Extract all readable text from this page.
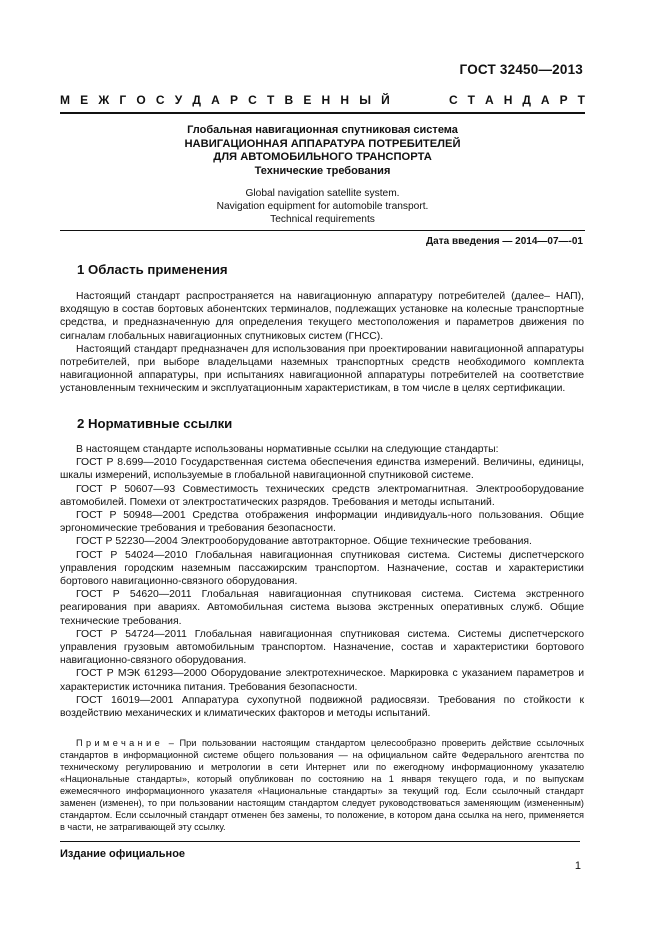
ГОСТ 32450—2013
М Е Ж Г О С У Д А Р С Т В Е Н Н Ы Й	С Т А Н Д А Р Т
Глобальная навигационная спутниковая система
НАВИГАЦИОННАЯ АППАРАТУРА ПОТРЕБИТЕЛЕЙ
ДЛЯ АВТОМОБИЛЬНОГО ТРАНСПОРТА
Технические требования
Global navigation satellite system.
Navigation equipment for automobile transport.
Technical requirements
Дата введения — 2014—07—-01
1 Область применения

Настоящий стандарт распространяется на навигационную аппаратуру потребителей (далее– НАП), входящую в состав бортовых абонентских терминалов, подлежащих установке на колесные транспортные средства, и предназначенную для определения текущего местоположения и параметров движения по сигналам глобальных навигационных спутниковых систем (ГНСС).

Настоящий стандарт предназначен для использования при проектировании навигационной аппаратуры потребителей, при выборе владельцами наземных транспортных средств необходимого комплекта навигационной аппаратуры, при испытаниях навигационной аппаратуры потребителей на соответствие установленным техническим и эксплуатационным характеристикам, в том числе в целях сертификации.

2 Нормативные ссылки

В настоящем стандарте использованы нормативные ссылки на следующие стандарты:

ГОСТ Р 8.699—2010 Государственная система обеспечения единства измерений. Величины, единицы, шкалы измерений, используемые в глобальной навигационной спутниковой системе.

ГОСТ Р 50607—93 Совместимость технических средств электромагнитная. Электрооборудование автомобилей. Помехи от электростатических разрядов. Требования и методы испытаний.

ГОСТ Р 50948—2001 Средства отображения информации индивидуаль-ного пользования. Общие эргономические требования и требования безопасности.

ГОСТ Р 52230—2004 Электрооборудование автотракторное. Общие технические требования.

ГОСТ Р 54024—2010 Глобальная навигационная спутниковая система. Системы диспетчерского управления городским наземным пассажирским транспортом. Назначение, состав и характеристики бортового навигационно-связного оборудования.

ГОСТ Р 54620—2011 Глобальная навигационная спутниковая система. Система экстренного реагирования при авариях. Автомобильная система вызова экстренных оперативных служб. Общие технические требования.

ГОСТ Р 54724—2011 Глобальная навигационная спутниковая система. Системы диспетчерского управления грузовым автомобильным транспортом. Назначение, состав и характеристики бортового навигационно-связного оборудования.

ГОСТ Р МЭК 61293—2000 Оборудование электротехническое. Маркировка с указанием параметров и характеристик источника питания. Требования безопасности.

ГОСТ 16019—2001 Аппаратура сухопутной подвижной радиосвязи. Требования по стойкости к воздействию механических и климатических факторов и методы испытаний.

Примечание – При пользовании настоящим стандартом целесообразно проверить действие ссылочных стандартов в информационной системе общего пользования — на официальном сайте Федерального агентства по техническому регулированию и метрологии в сети Интернет или по ежегодному информационному указателю «Национальные стандарты», который опубликован по состоянию на 1 января текущего года, и по выпускам ежемесячного информационного указателя «Национальные стандарты» за текущий год. Если ссылочный стандарт заменен (изменен), то при пользовании настоящим стандартом следует руководствоваться заменяющим (измененным) стандартом. Если ссылочный стандарт отменен без замены, то положение, в котором дана ссылка на него, применяется в части, не затрагивающей эту ссылку.

Издание официальное
1
